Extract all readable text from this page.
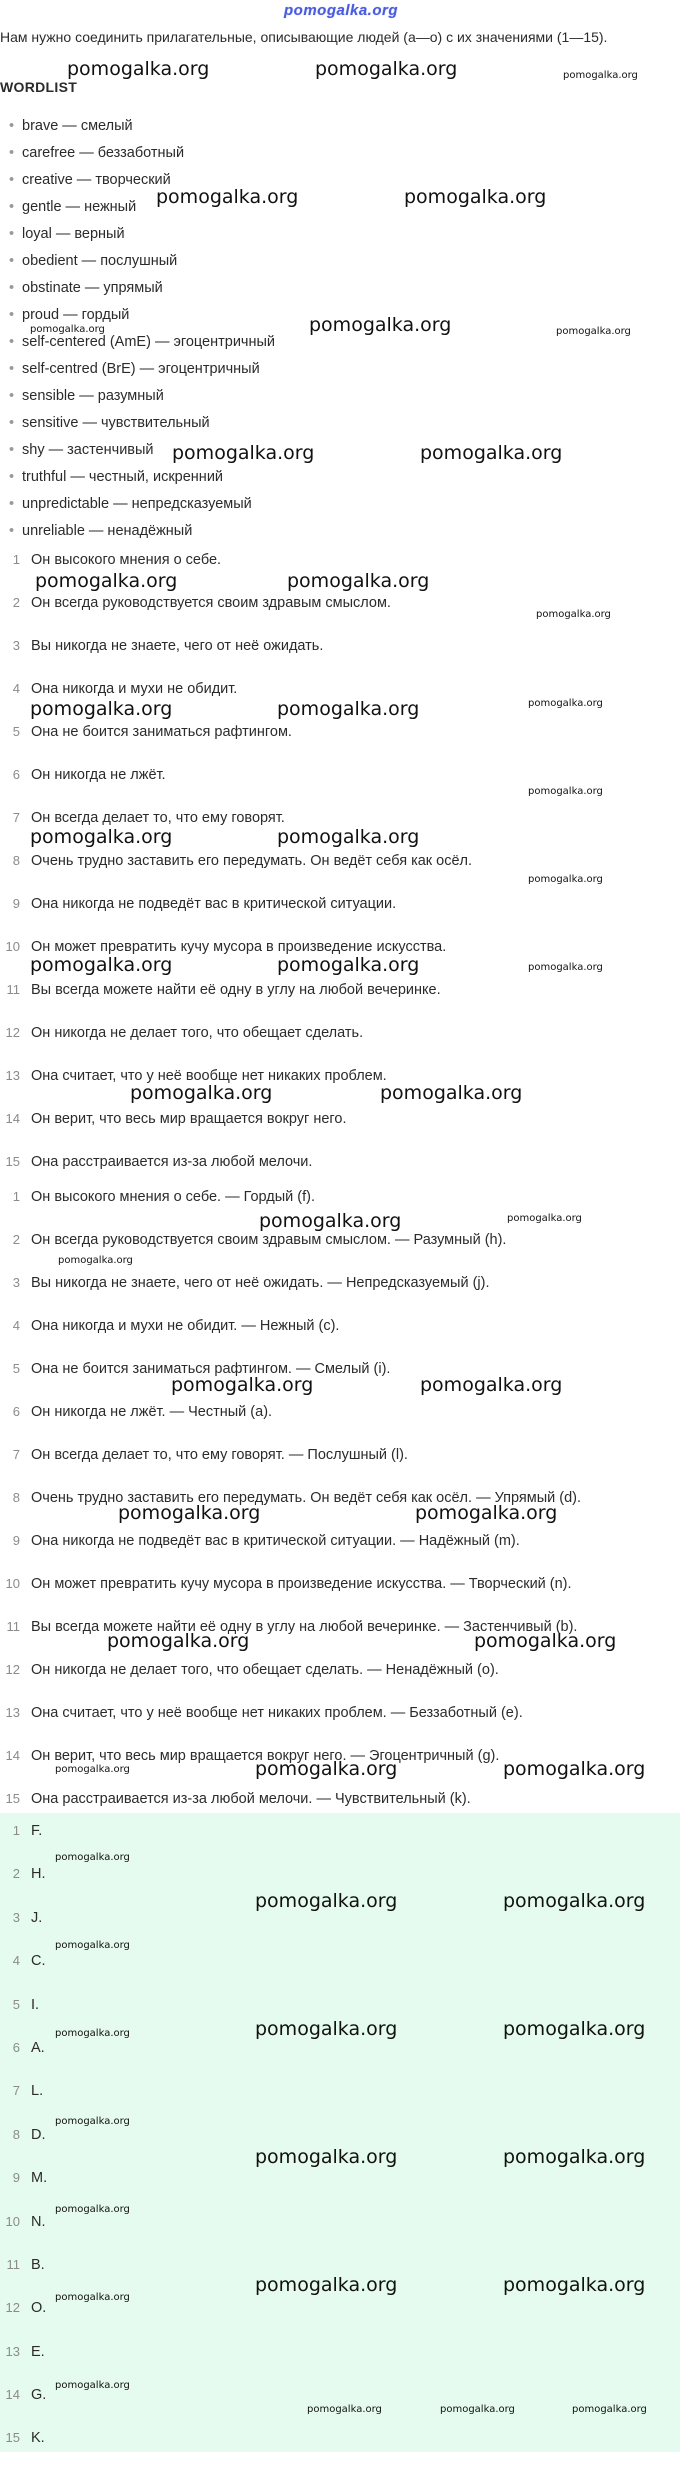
pomogalka.org
Нам нужно соединить прилагательные, описывающие людей (a—o) с их значениями (1—15).
WORDLIST
• brave — смелый
• carefree — беззаботный
• creative — творческий
• gentle — нежный
• loyal — верный
• obedient — послушный
• obstinate — упрямый
• proud — гордый
• self-centered (AmE) — эгоцентричный
• self-centred (BrE) — эгоцентричный
• sensible — разумный
• sensitive — чувствительный
• shy — застенчивый
• truthful — честный, искренний
• unpredictable — непредсказуемый
• unreliable — ненадёжный
1 Он высокого мнения о себе.
2 Он всегда руководствуется своим здравым смыслом.
3 Вы никогда не знаете, чего от неё ожидать.
4 Она никогда и мухи не обидит.
5 Она не боится заниматься рафтингом.
6 Он никогда не лжёт.
7 Он всегда делает то, что ему говорят.
8 Очень трудно заставить его передумать. Он ведёт себя как осёл.
9 Она никогда не подведёт вас в критической ситуации.
10 Он может превратить кучу мусора в произведение искусства.
11 Вы всегда можете найти её одну в углу на любой вечеринке.
12 Он никогда не делает того, что обещает сделать.
13 Она считает, что у неё вообще нет никаких проблем.
14 Он верит, что весь мир вращается вокруг него.
15 Она расстраивается из-за любой мелочи.
1 Он высокого мнения о себе. — Гордый (f).
2 Он всегда руководствуется своим здравым смыслом. — Разумный (h).
3 Вы никогда не знаете, чего от неё ожидать. — Непредсказуемый (j).
4 Она никогда и мухи не обидит. — Нежный (c).
5 Она не боится заниматься рафтингом. — Смелый (i).
6 Он никогда не лжёт. — Честный (a).
7 Он всегда делает то, что ему говорят. — Послушный (l).
8 Очень трудно заставить его передумать. Он ведёт себя как осёл. — Упрямый (d).
9 Она никогда не подведёт вас в критической ситуации. — Надёжный (m).
10 Он может превратить кучу мусора в произведение искусства. — Творческий (n).
11 Вы всегда можете найти её одну в углу на любой вечеринке. — Застенчивый (b).
12 Он никогда не делает того, что обещает сделать. — Ненадёжный (o).
13 Она считает, что у неё вообще нет никаких проблем. — Беззаботный (e).
14 Он верит, что весь мир вращается вокруг него. — Эгоцентричный (g).
15 Она расстраивается из-за любой мелочи. — Чувствительный (k).
1 F.
2 H.
3 J.
4 C.
5 I.
6 A.
7 L.
8 D.
9 M.
10 N.
11 B.
12 O.
13 E.
14 G.
15 K.
pomogalka.org	pomogalka.org	pomogalka.org
pomogalka.org	pomogalka.org
pomogalka.org	pomogalka.org	pomogalka.org
pomogalka.org	pomogalka.org
pomogalka.org	pomogalka.org
pomogalka.org
pomogalka.org	pomogalka.org	pomogalka.org
pomogalka.org
pomogalka.org	pomogalka.org
pomogalka.org
pomogalka.org	pomogalka.org	pomogalka.org
pomogalka.org	pomogalka.org
pomogalka.org	pomogalka.org
pomogalka.org
pomogalka.org	pomogalka.org
pomogalka.org	pomogalka.org
pomogalka.org	pomogalka.org
pomogalka.org	pomogalka.org	pomogalka.org
pomogalka.org
pomogalka.org	pomogalka.org
pomogalka.org
pomogalka.org	pomogalka.org	pomogalka.org
pomogalka.org
pomogalka.org	pomogalka.org
pomogalka.org
pomogalka.org	pomogalka.org
pomogalka.org
pomogalka.org
pomogalka.org	pomogalka.org	pomogalka.org
